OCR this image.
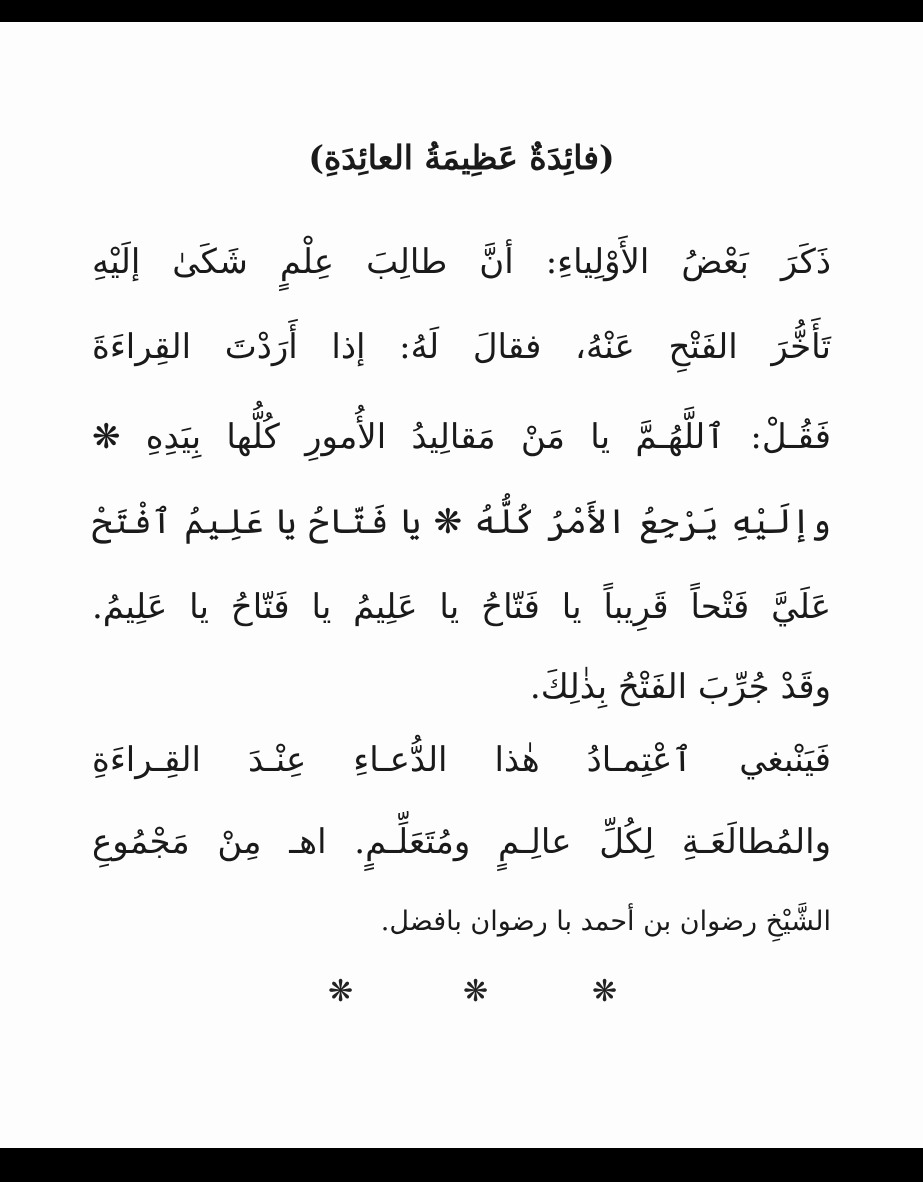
(فائِدَةٌ عَظِيمَةُ العائِدَةِ)
ذَكَرَ بَعْضُ الأَوْلِياءِ: أنَّ طالِبَ عِلْمٍ شَكَىٰ إلَيْهِ
تَأَخُّرَ الفَتْحِ عَنْهُ، فقالَ لَهُ: إذا أَرَدْتَ القِراءَةَ
فَقُـلْ: ٱللَّهُـمَّ يا مَنْ مَقالِيدُ الأُمورِ كُلُّها بِيَدِهِ ❋
وإلَيْهِ يَرْجِعُ الأَمْرُ كُلُّهُ ❋ يا فَتّاحُ يا عَلِيمُ ٱفْتَحْ
عَلَيَّ فَتْحاً قَرِيباً يا فَتّاحُ يا عَلِيمُ يا فَتّاحُ يا عَلِيمُ.
وقَدْ جُرِّبَ الفَتْحُ بِذٰلِكَ.
فَيَنْبغي ٱعْتِمـادُ هٰذا الدُّعـاءِ عِنْـدَ القِـراءَةِ
والمُطالَعَـةِ لِكُلِّ عالِـمٍ ومُتَعَلِّـمٍ. اهـ مِنْ مَجْمُوعِ
الشَّيْخِ رضوان بن أحمد با رضوان بافضل.
❋	❋	❋
